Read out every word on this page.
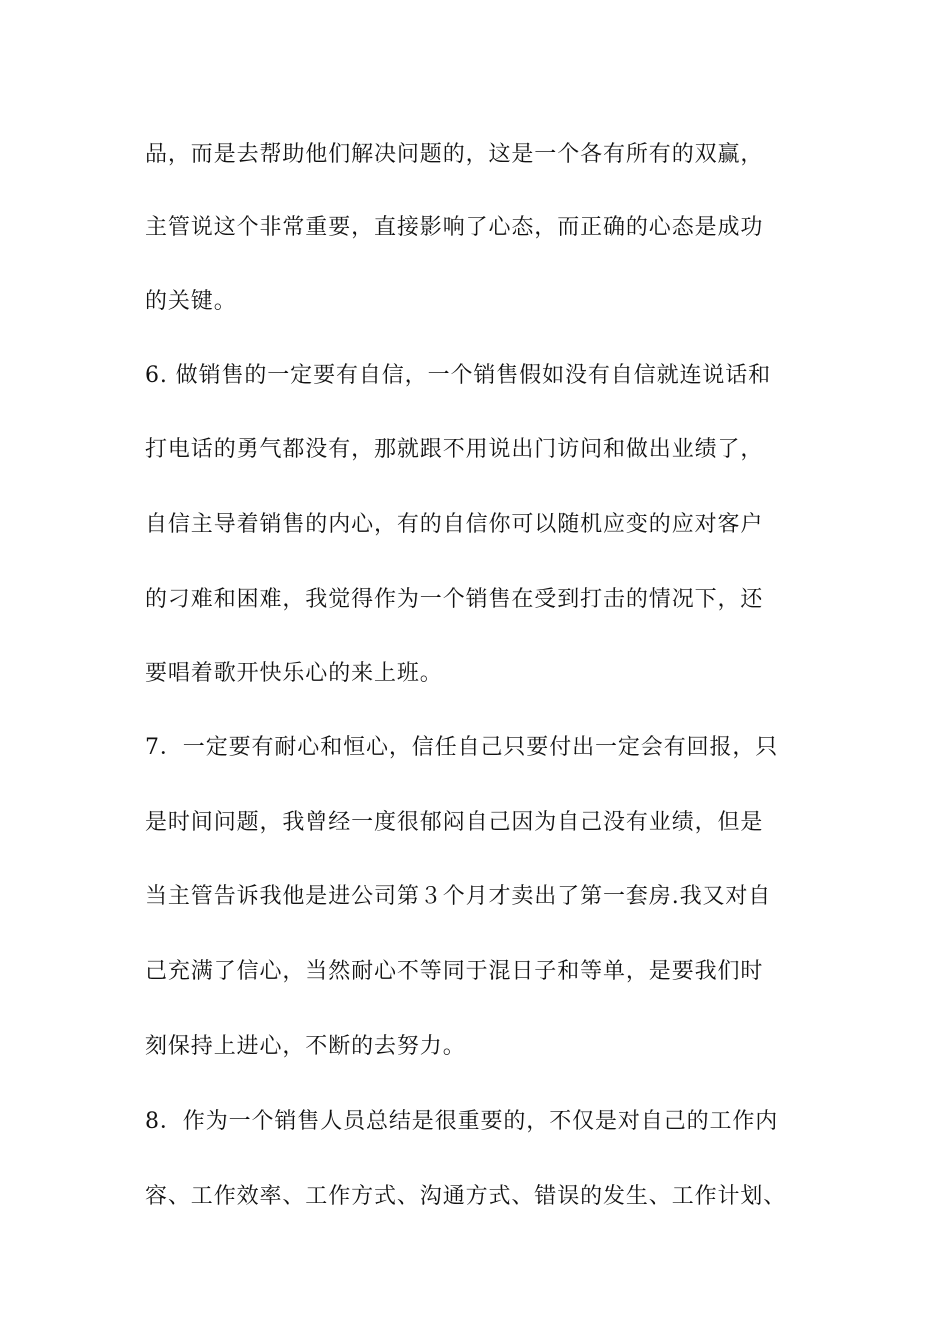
品，而是去帮助他们解决问题的，这是一个各有所有的双赢，
主管说这个非常重要，直接影响了心态，而正确的心态是成功
的关键。
6. 做销售的一定要有自信，一个销售假如没有自信就连说话和
打电话的勇气都没有，那就跟不用说出门访问和做出业绩了，
自信主导着销售的内心，有的自信你可以随机应变的应对客户
的刁难和困难，我觉得作为一个销售在受到打击的情况下，还
要唱着歌开快乐心的来上班。
7．一定要有耐心和恒心，信任自己只要付出一定会有回报，只
是时间问题，我曾经一度很郁闷自己因为自己没有业绩，但是
当主管告诉我他是进公司第３个月才卖出了第一套房.我又对自
己充满了信心，当然耐心不等同于混日子和等单，是要我们时
刻保持上进心，不断的去努力。
8．作为一个销售人员总结是很重要的，不仅是对自己的工作内
容、工作效率、工作方式、沟通方式、错误的发生、工作计划、
